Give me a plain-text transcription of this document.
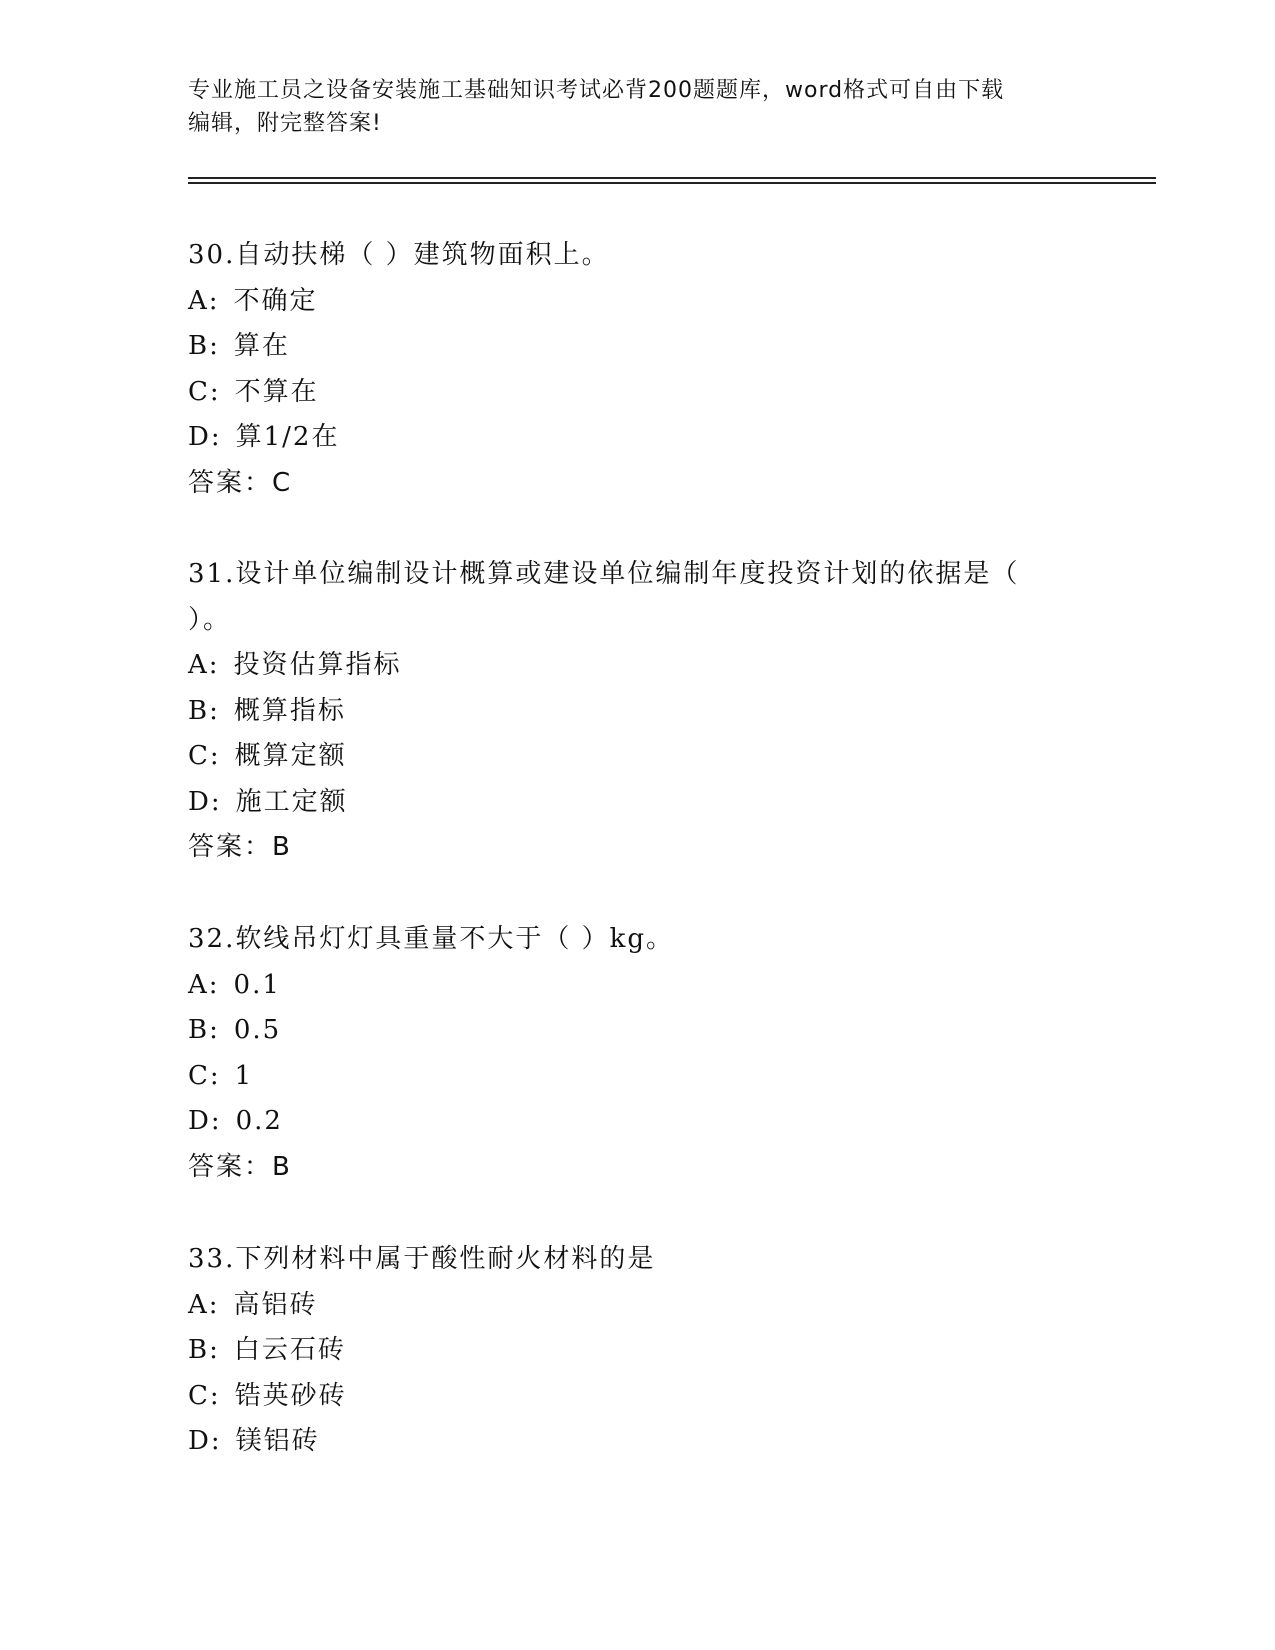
专业施工员之设备安装施工基础知识考试必背200题题库，word格式可自由下载
编辑，附完整答案!
30.自动扶梯（ ）建筑物面积上。
A: 不确定
B: 算在
C: 不算在
D: 算1/2在
答案：C
31.设计单位编制设计概算或建设单位编制年度投资计划的依据是（ ）。
A: 投资估算指标
B: 概算指标
C: 概算定额
D: 施工定额
答案：B
32.软线吊灯灯具重量不大于（ ）kg。
A: 0.1
B: 0.5
C: 1
D: 0.2
答案：B
33.下列材料中属于酸性耐火材料的是
A: 高铝砖
B: 白云石砖
C: 锆英砂砖
D: 镁铝砖
